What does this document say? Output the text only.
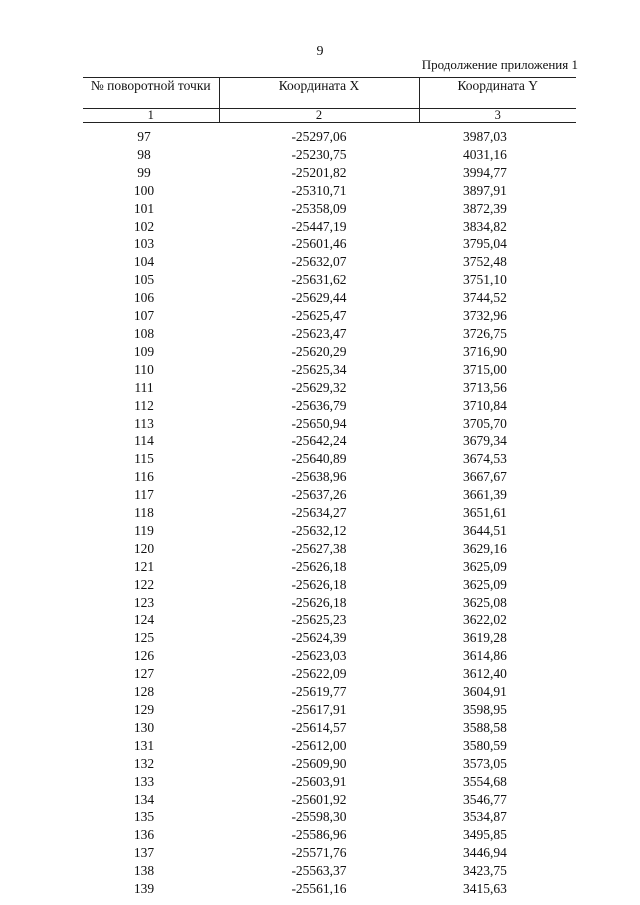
9
Продолжение приложения 1
№ поворотной точки	Координата X	Координата Y
1	2	3
97	-25297,06	3987,03
98	-25230,75	4031,16
99	-25201,82	3994,77
100	-25310,71	3897,91
101	-25358,09	3872,39
102	-25447,19	3834,82
103	-25601,46	3795,04
104	-25632,07	3752,48
105	-25631,62	3751,10
106	-25629,44	3744,52
107	-25625,47	3732,96
108	-25623,47	3726,75
109	-25620,29	3716,90
110	-25625,34	3715,00
111	-25629,32	3713,56
112	-25636,79	3710,84
113	-25650,94	3705,70
114	-25642,24	3679,34
115	-25640,89	3674,53
116	-25638,96	3667,67
117	-25637,26	3661,39
118	-25634,27	3651,61
119	-25632,12	3644,51
120	-25627,38	3629,16
121	-25626,18	3625,09
122	-25626,18	3625,09
123	-25626,18	3625,08
124	-25625,23	3622,02
125	-25624,39	3619,28
126	-25623,03	3614,86
127	-25622,09	3612,40
128	-25619,77	3604,91
129	-25617,91	3598,95
130	-25614,57	3588,58
131	-25612,00	3580,59
132	-25609,90	3573,05
133	-25603,91	3554,68
134	-25601,92	3546,77
135	-25598,30	3534,87
136	-25586,96	3495,85
137	-25571,76	3446,94
138	-25563,37	3423,75
139	-25561,16	3415,63
